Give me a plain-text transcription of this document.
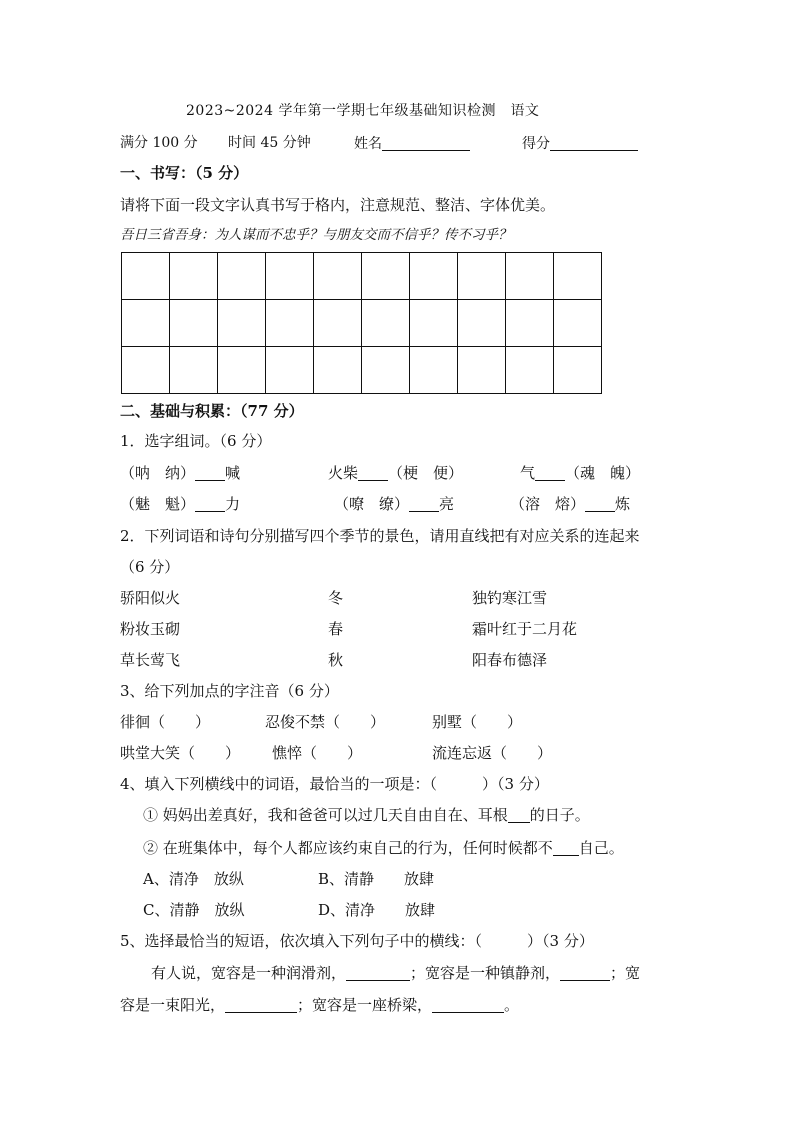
2023~2024 学年第一学期七年级基础知识检测　语文
满分 100 分 时间 45 分钟	姓名	得分
一、书写：（5 分）
请将下面一段文字认真书写于格内，注意规范、整洁、字体优美。
吾日三省吾身：为人谋而不忠乎？与朋友交而不信乎？传不习乎？

二、基础与积累：（77 分）
1．选字组词。（6 分）
（呐　纳） 喊	火柴 （梗　便）	气 （魂　魄）
（魅　魁） 力	（嘹　缭） 亮	（溶　熔） 炼
2．下列词语和诗句分别描写四个季节的景色，请用直线把有对应关系的连起来
（6 分）
骄阳似火	冬	独钓寒江雪
粉妆玉砌	春	霜叶红于二月花
草长莺飞	秋	阳春布德泽
3、给下列加点的字注音（6 分）
徘徊（　　）	忍俊不禁（　　）	别墅（　　）
哄堂大笑（　　） 憔悴（　　）	流连忘返（　　）
4、填入下列横线中的词语，最恰当的一项是：（　　　）（3 分）
① 妈妈出差真好，我和爸爸可以过几天自由自在、耳根 的日子。
② 在班集体中，每个人都应该约束自己的行为，任何时候都不 自己。
A、清净　放纵	B、清静　　放肆
C、清静　放纵	D、清净　　放肆
5、选择最恰当的短语，依次填入下列句子中的横线：（　　　）（3 分）
有人说，宽容是一种润滑剂，	；宽容是一种镇静剂，	；宽
容是一束阳光，	；宽容是一座桥梁，	。
